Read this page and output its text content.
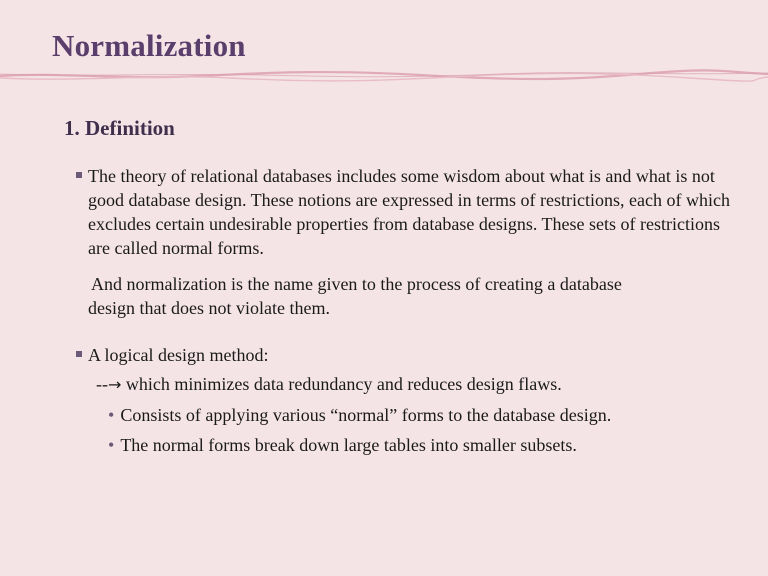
Normalization
1. Definition
The theory of relational databases includes some wisdom about what is and what is not good database design. These notions are expressed in terms of restrictions, each of which excludes certain undesirable properties from database designs. These sets of restrictions are called normal forms.
And normalization is the name given to the process of creating a database
design that does not violate them.
A logical design method:
--→ which minimizes data redundancy and reduces design flaws.
• Consists of applying various “normal” forms to the database design.
• The normal forms break down large tables into smaller subsets.
